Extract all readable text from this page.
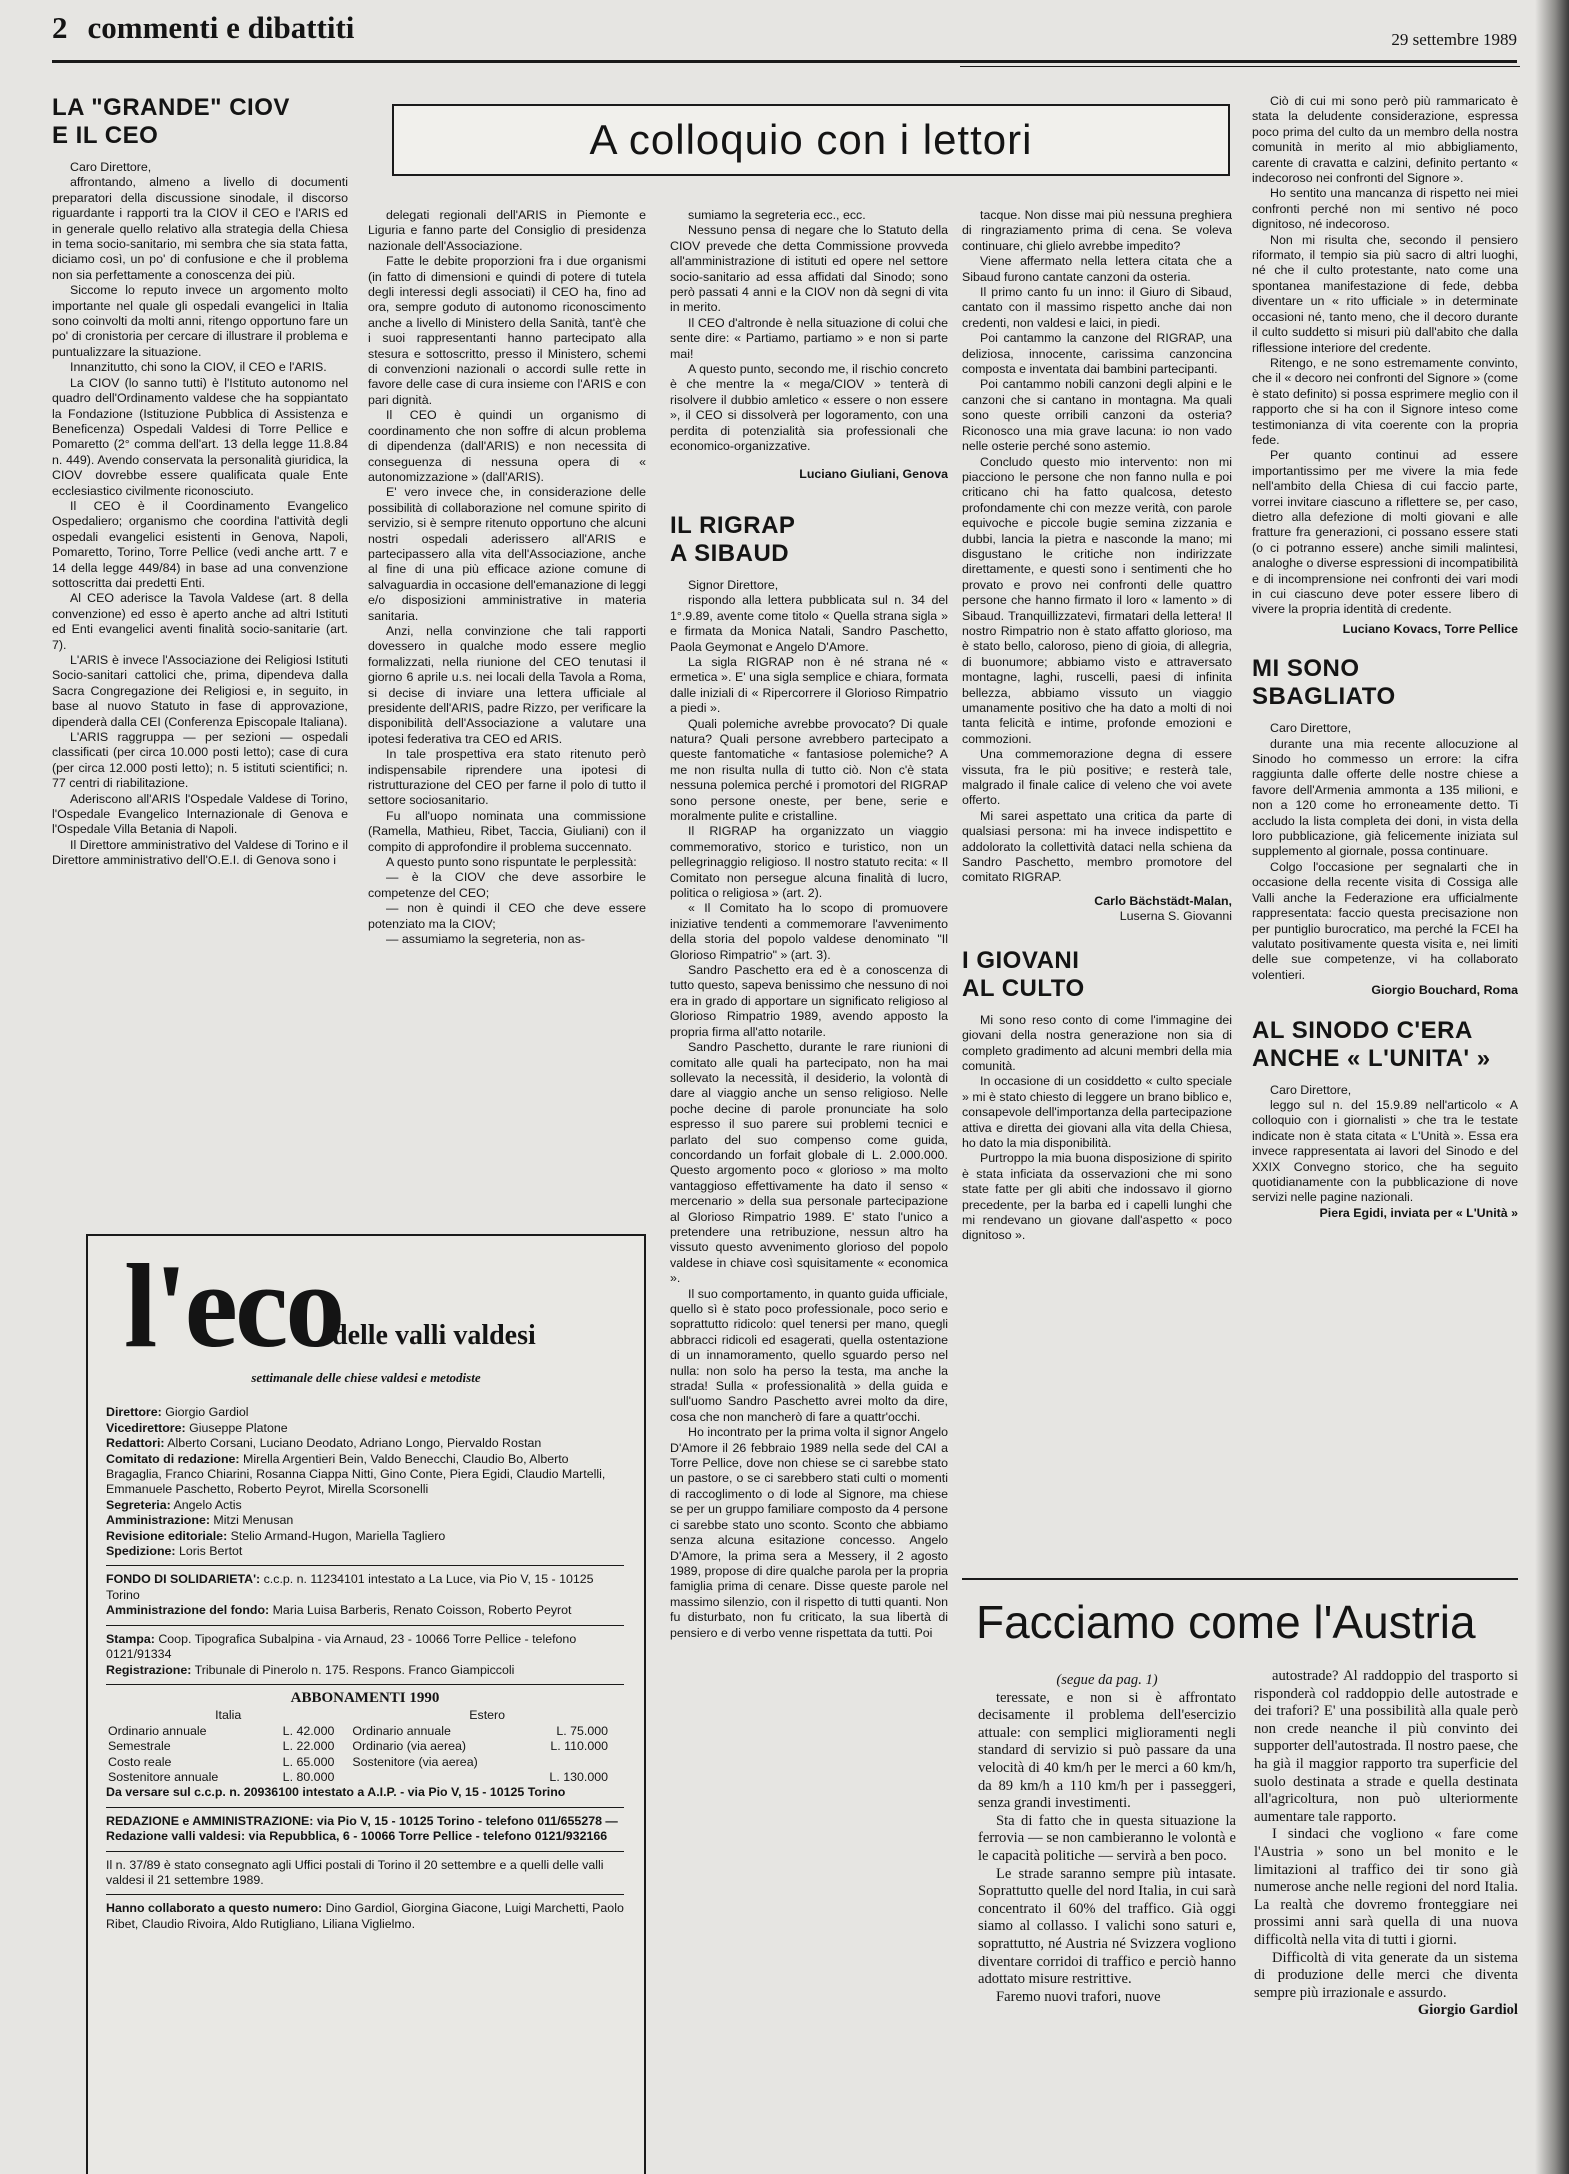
2 commenti e dibattiti	29 settembre 1989
LA "GRANDE" CIOV
E IL CEO

Caro Direttore,

affrontando, almeno a livello di documenti preparatori della discussione sinodale, il discorso riguardante i rapporti tra la CIOV il CEO e l'ARIS ed in generale quello relativo alla strategia della Chiesa in tema socio-sanitario, mi sembra che sia stata fatta, diciamo così, un po' di confusione e che il problema non sia perfettamente a conoscenza dei più.

Siccome lo reputo invece un argomento molto importante nel quale gli ospedali evangelici in Italia sono coinvolti da molti anni, ritengo opportuno fare un po' di cronistoria per cercare di illustrare il problema e puntualizzare la situazione.

Innanzitutto, chi sono la CIOV, il CEO e l'ARIS.

La CIOV (lo sanno tutti) è l'Istituto autonomo nel quadro dell'Ordinamento valdese che ha soppiantato la Fondazione (Istituzione Pubblica di Assistenza e Beneficenza) Ospedali Valdesi di Torre Pellice e Pomaretto (2° comma dell'art. 13 della legge 11.8.84 n. 449). Avendo conservata la personalità giuridica, la CIOV dovrebbe essere qualificata quale Ente ecclesiastico civilmente riconosciuto.

Il CEO è il Coordinamento Evangelico Ospedaliero; organismo che coordina l'attività degli ospedali evangelici esistenti in Genova, Napoli, Pomaretto, Torino, Torre Pellice (vedi anche artt. 7 e 14 della legge 449/84) in base ad una convenzione sottoscritta dai predetti Enti.

Al CEO aderisce la Tavola Valdese (art. 8 della convenzione) ed esso è aperto anche ad altri Istituti ed Enti evangelici aventi finalità socio-sanitarie (art. 7).

L'ARIS è invece l'Associazione dei Religiosi Istituti Socio-sanitari cattolici che, prima, dipendeva dalla Sacra Congregazione dei Religiosi e, in seguito, in base al nuovo Statuto in fase di approvazione, dipenderà dalla CEI (Conferenza Episcopale Italiana).

L'ARIS raggruppa — per sezioni — ospedali classificati (per circa 10.000 posti letto); case di cura (per circa 12.000 posti letto); n. 5 istituti scientifici; n. 77 centri di riabilitazione.

Aderiscono all'ARIS l'Ospedale Valdese di Torino, l'Ospedale Evangelico Internazionale di Genova e l'Ospedale Villa Betania di Napoli.

Il Direttore amministrativo del Valdese di Torino e il Direttore amministrativo dell'O.E.I. di Genova sono i

A colloquio con i lettori

delegati regionali dell'ARIS in Piemonte e Liguria e fanno parte del Consiglio di presidenza nazionale dell'Associazione.

Fatte le debite proporzioni fra i due organismi (in fatto di dimensioni e quindi di potere di tutela degli interessi degli associati) il CEO ha, fino ad ora, sempre goduto di autonomo riconoscimento anche a livello di Ministero della Sanità, tant'è che i suoi rappresentanti hanno partecipato alla stesura e sottoscritto, presso il Ministero, schemi di convenzioni nazionali o accordi sulle rette in favore delle case di cura insieme con l'ARIS e con pari dignità.

Il CEO è quindi un organismo di coordinamento che non soffre di alcun problema di dipendenza (dall'ARIS) e non necessita di conseguenza di nessuna opera di « autonomizzazione » (dall'ARIS).

E' vero invece che, in considerazione delle possibilità di collaborazione nel comune spirito di servizio, si è sempre ritenuto opportuno che alcuni nostri ospedali aderissero all'ARIS e partecipassero alla vita dell'Associazione, anche al fine di una più efficace azione comune di salvaguardia in occasione dell'emanazione di leggi e/o disposizioni amministrative in materia sanitaria.

Anzi, nella convinzione che tali rapporti dovessero in qualche modo essere meglio formalizzati, nella riunione del CEO tenutasi il giorno 6 aprile u.s. nei locali della Tavola a Roma, si decise di inviare una lettera ufficiale al presidente dell'ARIS, padre Rizzo, per verificare la disponibilità dell'Associazione a valutare una ipotesi federativa tra CEO ed ARIS.

In tale prospettiva era stato ritenuto però indispensabile riprendere una ipotesi di ristrutturazione del CEO per farne il polo di tutto il settore sociosanitario.

Fu all'uopo nominata una commissione (Ramella, Mathieu, Ribet, Taccia, Giuliani) con il compito di approfondire il problema succennato.

A questo punto sono rispuntate le perplessità:

— è la CIOV che deve assorbire le competenze del CEO;

— non è quindi il CEO che deve essere potenziato ma la CIOV;

— assumiamo la segreteria, non as-

sumiamo la segreteria ecc., ecc.

Nessuno pensa di negare che lo Statuto della CIOV prevede che detta Commissione provveda all'amministrazione di istituti ed opere nel settore socio-sanitario ad essa affidati dal Sinodo; sono però passati 4 anni e la CIOV non dà segni di vita in merito.

Il CEO d'altronde è nella situazione di colui che sente dire: « Partiamo, partiamo » e non si parte mai!

A questo punto, secondo me, il rischio concreto è che mentre la « mega/CIOV » tenterà di risolvere il dubbio amletico « essere o non essere », il CEO si dissolverà per logoramento, con una perdita di potenzialità sia professionali che economico-organizzative.

Luciano Giuliani, Genova

IL RIGRAP
A SIBAUD

Signor Direttore,

rispondo alla lettera pubblicata sul n. 34 del 1°.9.89, avente come titolo « Quella strana sigla » e firmata da Monica Natali, Sandro Paschetto, Paola Geymonat e Angelo D'Amore.

La sigla RIGRAP non è né strana né « ermetica ». E' una sigla semplice e chiara, formata dalle iniziali di « Ripercorrere il Glorioso Rimpatrio a piedi ».

Quali polemiche avrebbe provocato? Di quale natura? Quali persone avrebbero partecipato a queste fantomatiche « fantasiose polemiche? A me non risulta nulla di tutto ciò. Non c'è stata nessuna polemica perché i promotori del RIGRAP sono persone oneste, per bene, serie e moralmente pulite e cristalline.

Il RIGRAP ha organizzato un viaggio commemorativo, storico e turistico, non un pellegrinaggio religioso. Il nostro statuto recita: « Il Comitato non persegue alcuna finalità di lucro, politica o religiosa » (art. 2).

« Il Comitato ha lo scopo di promuovere iniziative tendenti a commemorare l'avvenimento della storia del popolo valdese denominato "Il Glorioso Rimpatrio" » (art. 3).

Sandro Paschetto era ed è a conoscenza di tutto questo, sapeva benissimo che nessuno di noi era in grado di apportare un significato religioso al Glorioso Rimpatrio 1989, avendo apposto la propria firma all'atto notarile.

Sandro Paschetto, durante le rare riunioni di comitato alle quali ha partecipato, non ha mai sollevato la necessità, il desiderio, la volontà di dare al viaggio anche un senso religioso. Nelle poche decine di parole pronunciate ha solo espresso il suo parere sui problemi tecnici e parlato del suo compenso come guida, concordando un forfait globale di L. 2.000.000. Questo argomento poco « glorioso » ma molto vantaggioso effettivamente ha dato il senso « mercenario » della sua personale partecipazione al Glorioso Rimpatrio 1989. E' stato l'unico a pretendere una retribuzione, nessun altro ha vissuto questo avvenimento glorioso del popolo valdese in chiave così squisitamente « economica ».

Il suo comportamento, in quanto guida ufficiale, quello sì è stato poco professionale, poco serio e soprattutto ridicolo: quel tenersi per mano, quegli abbracci ridicoli ed esagerati, quella ostentazione di un innamoramento, quello sguardo perso nel nulla: non solo ha perso la testa, ma anche la strada! Sulla « professionalità » della guida e sull'uomo Sandro Paschetto avrei molto da dire, cosa che non mancherò di fare a quattr'occhi.

Ho incontrato per la prima volta il signor Angelo D'Amore il 26 febbraio 1989 nella sede del CAI a Torre Pellice, dove non chiese se ci sarebbe stato un pastore, o se ci sarebbero stati culti o momenti di raccoglimento o di lode al Signore, ma chiese se per un gruppo familiare composto da 4 persone ci sarebbe stato uno sconto. Sconto che abbiamo senza alcuna esitazione concesso. Angelo D'Amore, la prima sera a Messery, il 2 agosto 1989, propose di dire qualche parola per la propria famiglia prima di cenare. Disse queste parole nel massimo silenzio, con il rispetto di tutti quanti. Non fu disturbato, non fu criticato, la sua libertà di pensiero e di verbo venne rispettata da tutti. Poi

tacque. Non disse mai più nessuna preghiera di ringraziamento prima di cena. Se voleva continuare, chi glielo avrebbe impedito?

Viene affermato nella lettera citata che a Sibaud furono cantate canzoni da osteria.

Il primo canto fu un inno: il Giuro di Sibaud, cantato con il massimo rispetto anche dai non credenti, non valdesi e laici, in piedi.

Poi cantammo la canzone del RIGRAP, una deliziosa, innocente, carissima canzoncina composta e inventata dai bambini partecipanti.

Poi cantammo nobili canzoni degli alpini e le canzoni che si cantano in montagna. Ma quali sono queste orribili canzoni da osteria? Riconosco una mia grave lacuna: io non vado nelle osterie perché sono astemio.

Concludo questo mio intervento: non mi piacciono le persone che non fanno nulla e poi criticano chi ha fatto qualcosa, detesto profondamente chi con mezze verità, con parole equivoche e piccole bugie semina zizzania e dubbi, lancia la pietra e nasconde la mano; mi disgustano le critiche non indirizzate direttamente, e questi sono i sentimenti che ho provato e provo nei confronti delle quattro persone che hanno firmato il loro « lamento » di Sibaud. Tranquillizzatevi, firmatari della lettera! Il nostro Rimpatrio non è stato affatto glorioso, ma è stato bello, caloroso, pieno di gioia, di allegria, di buonumore; abbiamo visto e attraversato montagne, laghi, ruscelli, paesi di infinita bellezza, abbiamo vissuto un viaggio umanamente positivo che ha dato a molti di noi tanta felicità e intime, profonde emozioni e commozioni.

Una commemorazione degna di essere vissuta, fra le più positive; e resterà tale, malgrado il finale calice di veleno che voi avete offerto.

Mi sarei aspettato una critica da parte di qualsiasi persona: mi ha invece indispettito e addolorato la collettività dataci nella schiena da Sandro Paschetto, membro promotore del comitato RIGRAP.

Carlo Bächstädt-Malan,

Luserna S. Giovanni

I GIOVANI
AL CULTO

Mi sono reso conto di come l'immagine dei giovani della nostra generazione non sia di completo gradimento ad alcuni membri della mia comunità.

In occasione di un cosiddetto « culto speciale » mi è stato chiesto di leggere un brano biblico e, consapevole dell'importanza della partecipazione attiva e diretta dei giovani alla vita della Chiesa, ho dato la mia disponibilità.

Purtroppo la mia buona disposizione di spirito è stata inficiata da osservazioni che mi sono state fatte per gli abiti che indossavo il giorno precedente, per la barba ed i capelli lunghi che mi rendevano un giovane dall'aspetto « poco dignitoso ».

Ciò di cui mi sono però più rammaricato è stata la deludente considerazione, espressa poco prima del culto da un membro della nostra comunità in merito al mio abbigliamento, carente di cravatta e calzini, definito pertanto « indecoroso nei confronti del Signore ».

Ho sentito una mancanza di rispetto nei miei confronti perché non mi sentivo né poco dignitoso, né indecoroso.

Non mi risulta che, secondo il pensiero riformato, il tempio sia più sacro di altri luoghi, né che il culto protestante, nato come una spontanea manifestazione di fede, debba diventare un « rito ufficiale » in determinate occasioni né, tanto meno, che il decoro durante il culto suddetto si misuri più dall'abito che dalla riflessione interiore del credente.

Ritengo, e ne sono estremamente convinto, che il « decoro nei confronti del Signore » (come è stato definito) si possa esprimere meglio con il rapporto che si ha con il Signore inteso come testimonianza di vita coerente con la propria fede.

Per quanto continui ad essere importantissimo per me vivere la mia fede nell'ambito della Chiesa di cui faccio parte, vorrei invitare ciascuno a riflettere se, per caso, dietro alla defezione di molti giovani e alle fratture fra generazioni, ci possano essere stati (o ci potranno essere) anche simili malintesi, analoghe o diverse espressioni di incompatibilità e di incomprensione nei confronti dei vari modi in cui ciascuno deve poter essere libero di vivere la propria identità di credente.

Luciano Kovacs, Torre Pellice

MI SONO
SBAGLIATO

Caro Direttore,

durante una mia recente allocuzione al Sinodo ho commesso un errore: la cifra raggiunta dalle offerte delle nostre chiese a favore dell'Armenia ammonta a 135 milioni, e non a 120 come ho erroneamente detto. Ti accludo la lista completa dei doni, in vista della loro pubblicazione, già felicemente iniziata sul supplemento al giornale, possa continuare.

Colgo l'occasione per segnalarti che in occasione della recente visita di Cossiga alle Valli anche la Federazione era ufficialmente rappresentata: faccio questa precisazione non per puntiglio burocratico, ma perché la FCEI ha valutato positivamente questa visita e, nei limiti delle sue competenze, vi ha collaborato volentieri.

Giorgio Bouchard, Roma

AL SINODO C'ERA
ANCHE « L'UNITA' »

Caro Direttore,

leggo sul n. del 15.9.89 nell'articolo « A colloquio con i giornalisti » che tra le testate indicate non è stata citata « L'Unità ». Essa era invece rappresentata ai lavori del Sinodo e del XXIX Convegno storico, che ha seguito quotidianamente con la pubblicazione di nove servizi nelle pagine nazionali.

Piera Egidi, inviata per « L'Unità »

l'eco
delle valli valdesi
settimanale delle chiese valdesi e metodiste

Direttore: Giorgio Gardiol

Vicedirettore: Giuseppe Platone

Redattori: Alberto Corsani, Luciano Deodato, Adriano Longo, Piervaldo Rostan

Comitato di redazione: Mirella Argentieri Bein, Valdo Benecchi, Claudio Bo, Alberto Bragaglia, Franco Chiarini, Rosanna Ciappa Nitti, Gino Conte, Piera Egidi, Claudio Martelli, Emmanuele Paschetto, Roberto Peyrot, Mirella Scorsonelli

Segreteria: Angelo Actis

Amministrazione: Mitzi Menusan

Revisione editoriale: Stelio Armand-Hugon, Mariella Tagliero

Spedizione: Loris Bertot

FONDO DI SOLIDARIETA': c.c.p. n. 11234101 intestato a La Luce, via Pio V, 15 - 10125 Torino

Amministrazione del fondo: Maria Luisa Barberis, Renato Coisson, Roberto Peyrot

Stampa: Coop. Tipografica Subalpina - via Arnaud, 23 - 10066 Torre Pellice - telefono 0121/91334

Registrazione: Tribunale di Pinerolo n. 175. Respons. Franco Giampiccoli

ABBONAMENTI 1990
Italia		Estero	
Ordinario annuale	L. 42.000	Ordinario annuale	L. 75.000
Semestrale	L. 22.000	Ordinario (via aerea)	L. 110.000
Costo reale	L. 65.000	Sostenitore (via aerea)	
Sostenitore annuale	L. 80.000		L. 130.000

Da versare sul c.c.p. n. 20936100 intestato a A.I.P. - via Pio V, 15 - 10125 Torino

REDAZIONE e AMMINISTRAZIONE: via Pio V, 15 - 10125 Torino - telefono 011/655278 — Redazione valli valdesi: via Repubblica, 6 - 10066 Torre Pellice - telefono 0121/932166

Il n. 37/89 è stato consegnato agli Uffici postali di Torino il 20 settembre e a quelli delle valli valdesi il 21 settembre 1989.

Hanno collaborato a questo numero: Dino Gardiol, Giorgina Giacone, Luigi Marchetti, Paolo Ribet, Claudio Rivoira, Aldo Rutigliano, Liliana Viglielmo.

Facciamo come l'Austria

(segue da pag. 1)

teressate, e non si è affrontato decisamente il problema dell'esercizio attuale: con semplici miglioramenti negli standard di servizio si può passare da una velocità di 40 km/h per le merci a 60 km/h, da 89 km/h a 110 km/h per i passeggeri, senza grandi investimenti.

Sta di fatto che in questa situazione la ferrovia — se non cambieranno le volontà e le capacità politiche — servirà a ben poco.

Le strade saranno sempre più intasate. Soprattutto quelle del nord Italia, in cui sarà concentrato il 60% del traffico. Già oggi siamo al collasso. I valichi sono saturi e, soprattutto, né Austria né Svizzera vogliono diventare corridoi di traffico e perciò hanno adottato misure restrittive.

Faremo nuovi trafori, nuove

autostrade? Al raddoppio del trasporto si risponderà col raddoppio delle autostrade e dei trafori? E' una possibilità alla quale però non crede neanche il più convinto dei supporter dell'autostrada. Il nostro paese, che ha già il maggior rapporto tra superficie del suolo destinata a strade e quella destinata all'agricoltura, non può ulteriormente aumentare tale rapporto.

I sindaci che vogliono « fare come l'Austria » sono un bel monito e le limitazioni al traffico dei tir sono già numerose anche nelle regioni del nord Italia. La realtà che dovremo fronteggiare nei prossimi anni sarà quella di una nuova difficoltà nella vita di tutti i giorni.

Difficoltà di vita generate da un sistema di produzione delle merci che diventa sempre più irrazionale e assurdo.

Giorgio Gardiol
